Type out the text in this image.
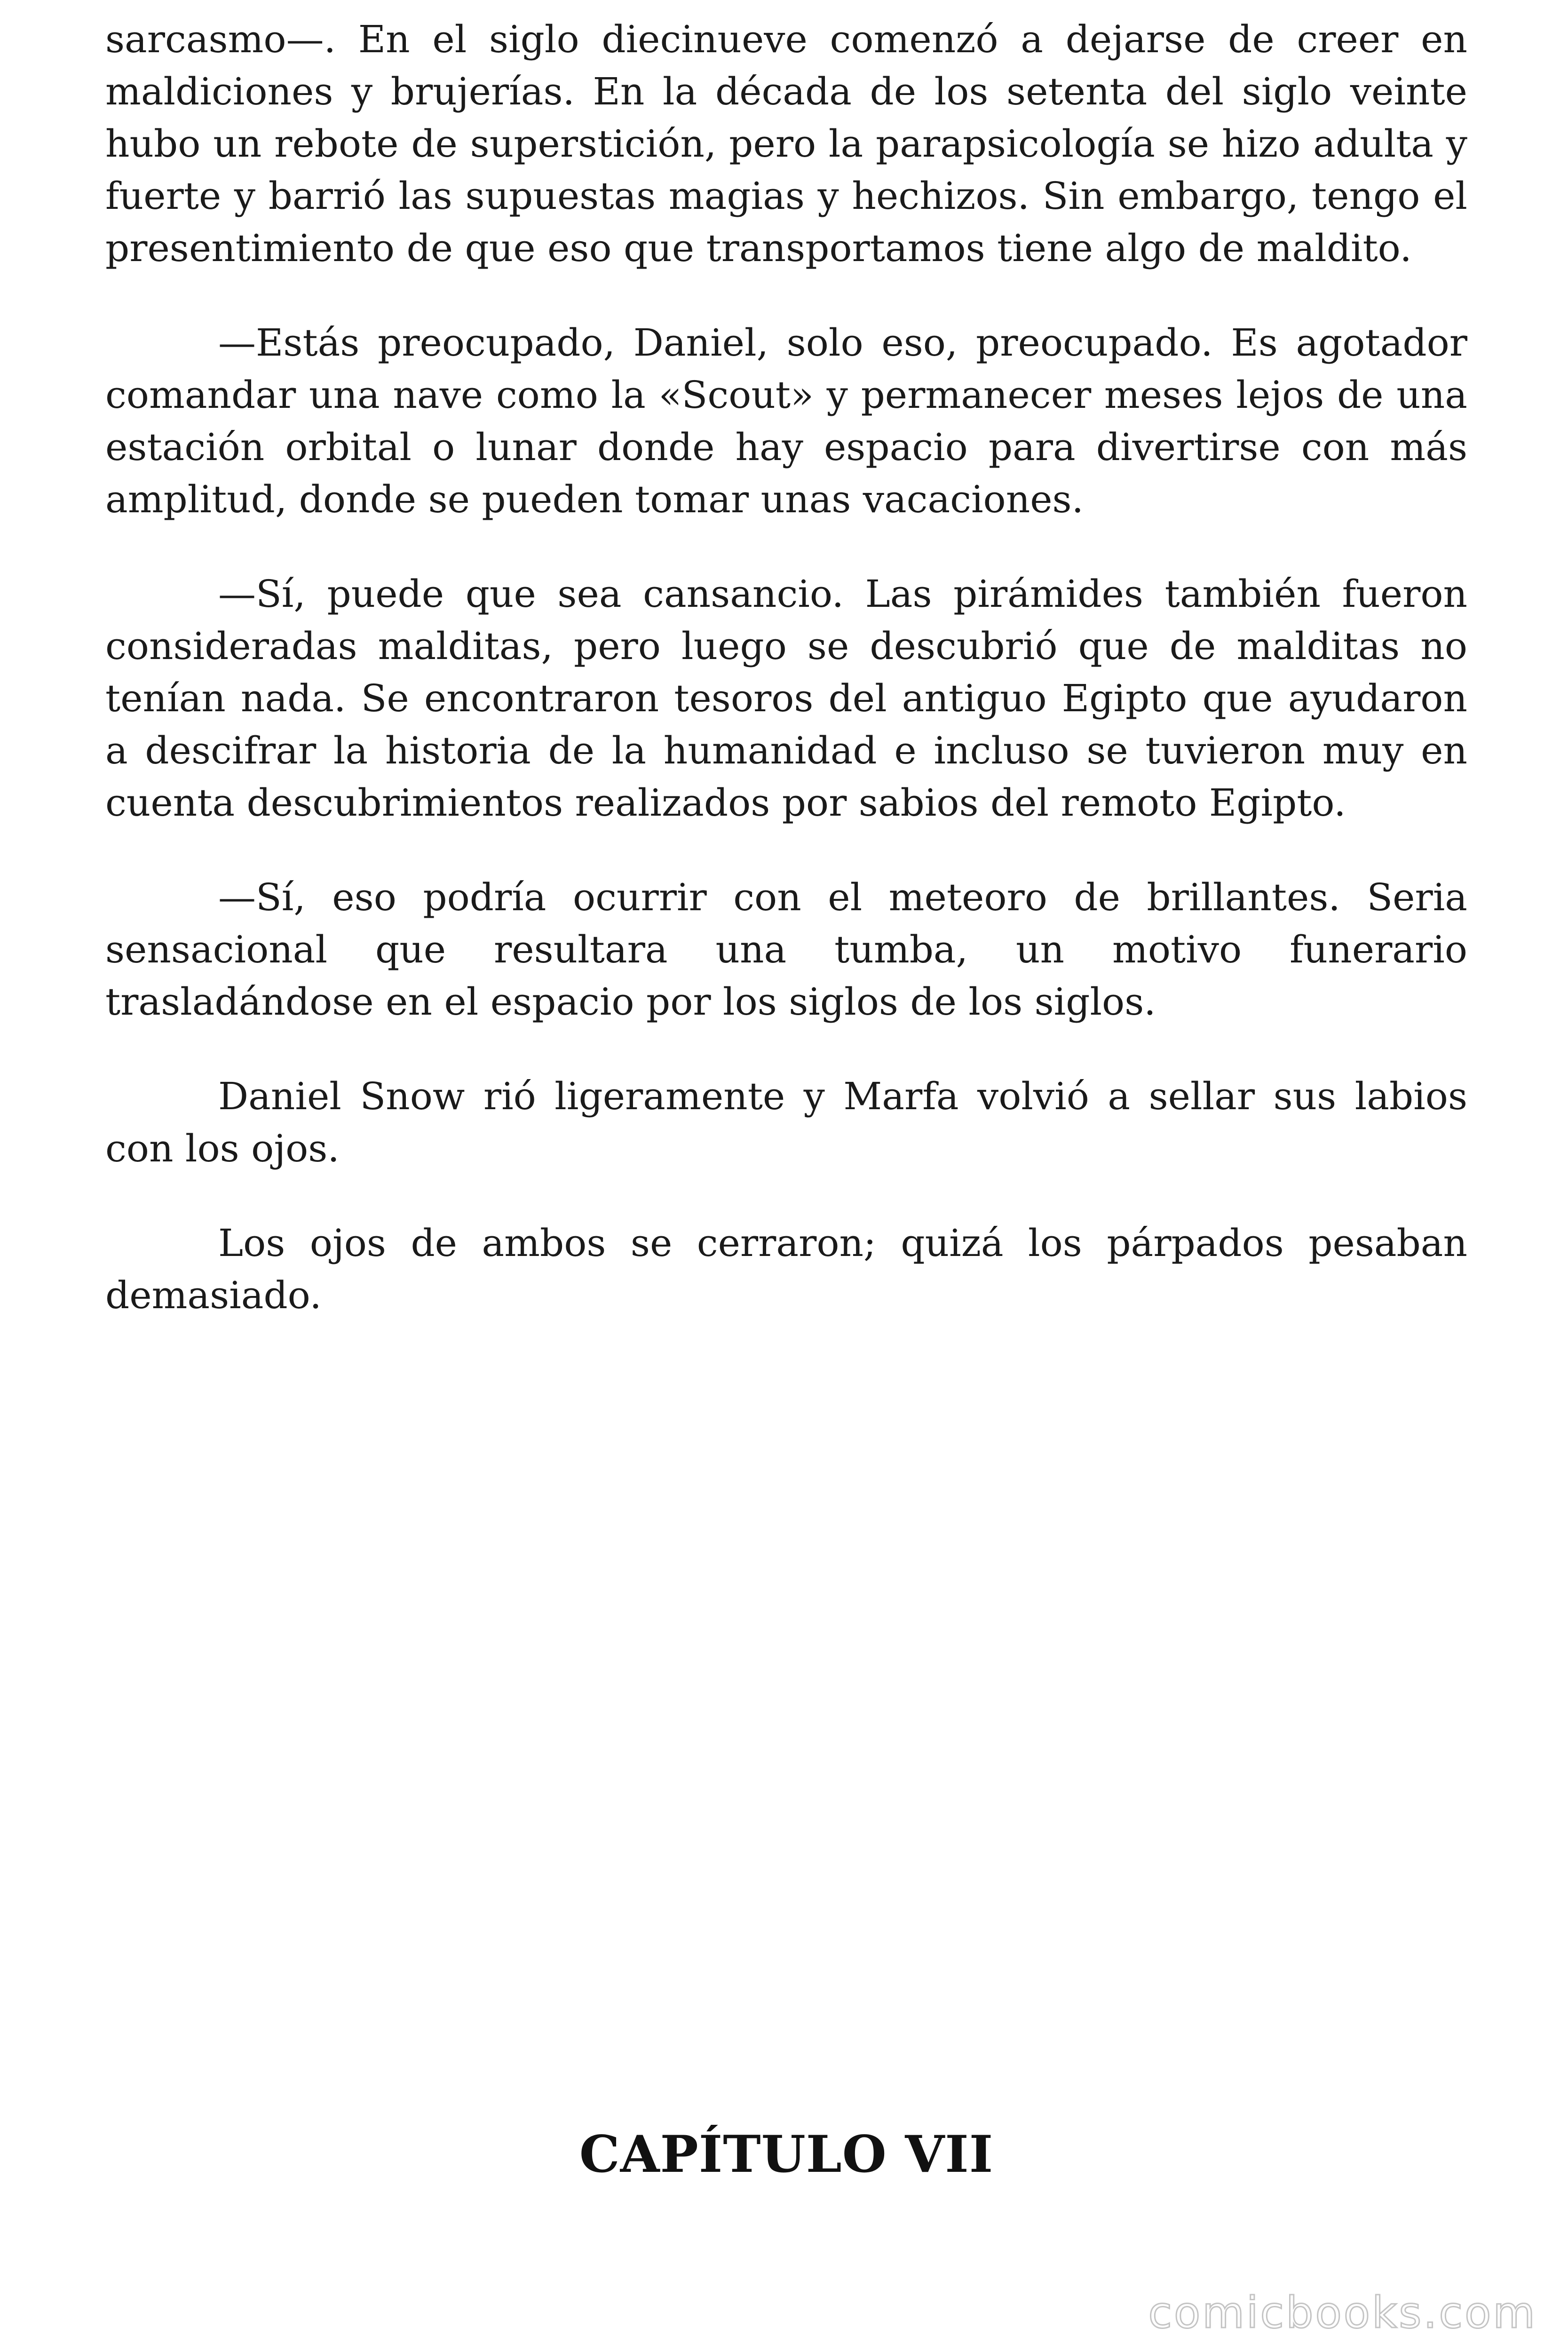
sarcasmo—. En el siglo diecinueve comenzó a dejarse de creer en maldiciones y brujerías. En la década de los setenta del siglo veinte hubo un rebote de superstición, pero la parapsicología se hizo adulta y fuerte y barrió las supuestas magias y hechizos. Sin embargo, tengo el presentimiento de que eso que transportamos tiene algo de maldito.

—Estás preocupado, Daniel, solo eso, preocupado. Es agotador comandar una nave como la «Scout» y permanecer meses lejos de una estación orbital o lunar donde hay espacio para divertirse con más amplitud, donde se pueden tomar unas vacaciones.

—Sí, puede que sea cansancio. Las pirámides también fueron consideradas malditas, pero luego se descubrió que de malditas no tenían nada. Se encontraron tesoros del antiguo Egipto que ayudaron a descifrar la historia de la humanidad e incluso se tuvieron muy en cuenta descubrimientos realizados por sabios del remoto Egipto.

—Sí, eso podría ocurrir con el meteoro de brillantes. Seria sensacional que resultara una tumba, un motivo funerario trasladándose en el espacio por los siglos de los siglos.

Daniel Snow rió ligeramente y Marfa volvió a sellar sus labios con los ojos.

Los ojos de ambos se cerraron; quizá los párpados pesaban demasiado.

CAPÍTULO VII
comicbooks.com
